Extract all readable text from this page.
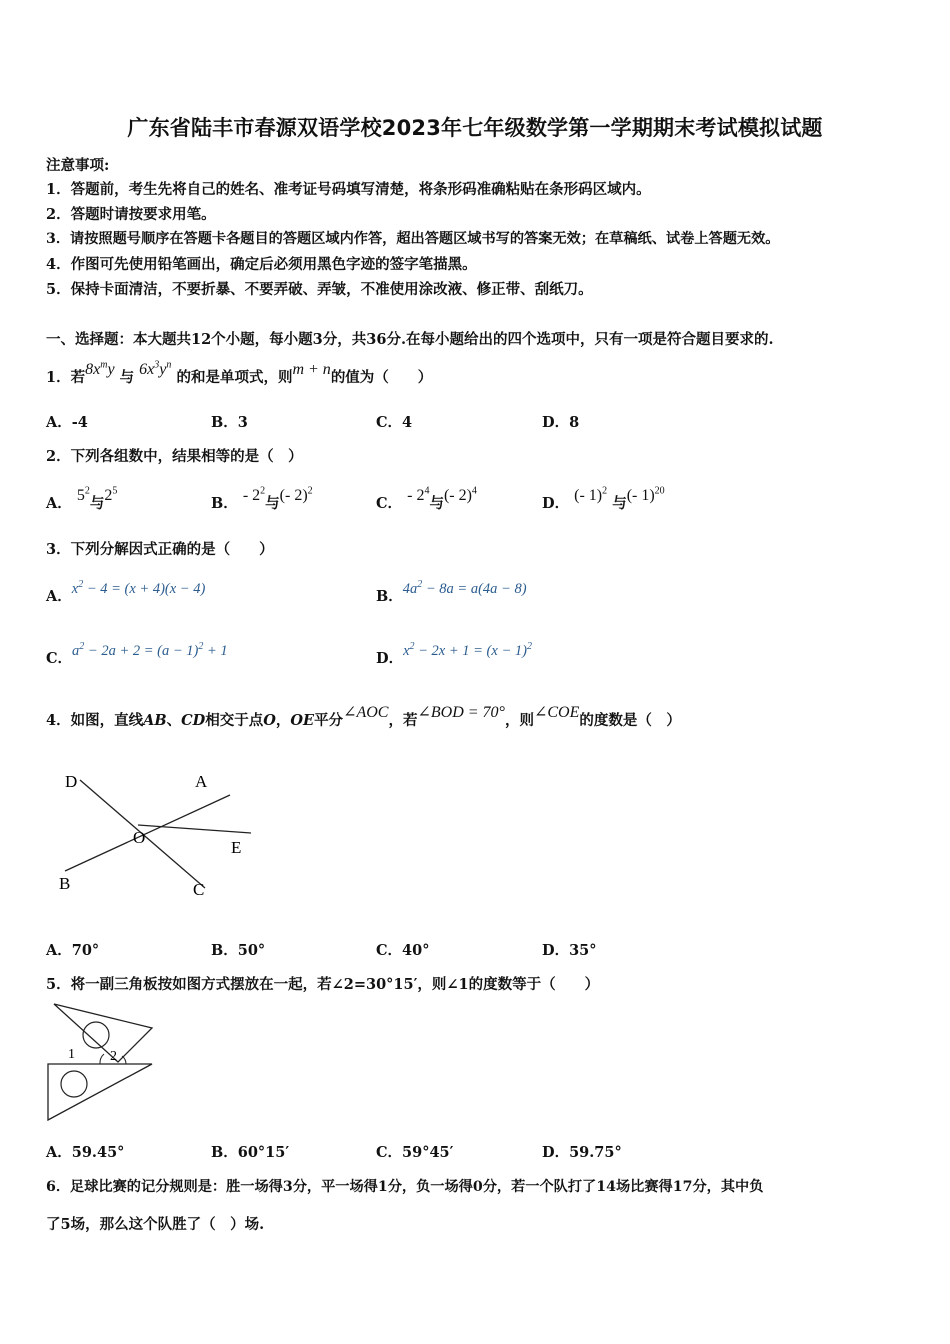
广东省陆丰市春源双语学校2023年七年级数学第一学期期末考试模拟试题
注意事项:
1．答题前，考生先将自己的姓名、准考证号码填写清楚，将条形码准确粘贴在条形码区域内。
2．答题时请按要求用笔。
3．请按照题号顺序在答题卡各题目的答题区域内作答，超出答题区域书写的答案无效；在草稿纸、试卷上答题无效。
4．作图可先使用铅笔画出，确定后必须用黑色字迹的签字笔描黑。
5．保持卡面清洁，不要折暴、不要弄破、弄皱，不准使用涂改液、修正带、刮纸刀。
一、选择题：本大题共12个小题，每小题3分，共36分.在每小题给出的四个选项中，只有一项是符合题目要求的.
1．若$8x^my$ 与 $6x^3y^n$ 的和是单项式，则m + n的值为（　　）
A．-4	B．3	C．4	D．8
2．下列各组数中，结果相等的是（　）
A． $5^2$与$2^5$
B． - $2^2$与(- 2)$^2$
C． - $2^4$与(- 2)$^4$
D． (- 1)$^2$ 与(- 1)$^{20}$
3．下列分解因式正确的是（　　）
A．$x^2 - 4 = (x + 4)(x - 4)$	B．$4a^2 - 8a = a(4a - 8)$
C．$a^2 - 2a + 2 = (a - 1)^2 + 1$	D．$x^2 - 2x + 1 = (x - 1)^2$
4．如图，直线AB、CD相交于点O，OE平分∠AOC，若∠BOD = 70°，则∠COE的度数是（　）
D	A
O
E
B	C
A．70°	B．50°	C．40°	D．35°
5．将一副三角板按如图方式摆放在一起，若∠2=30°15′，则∠1的度数等于（　　）
1	2
A．59.45°	B．60°15′	C．59°45′	D．59.75°
6．足球比赛的记分规则是：胜一场得3分，平一场得1分，负一场得0分，若一个队打了14场比赛得17分，其中负
了5场，那么这个队胜了（　）场.
